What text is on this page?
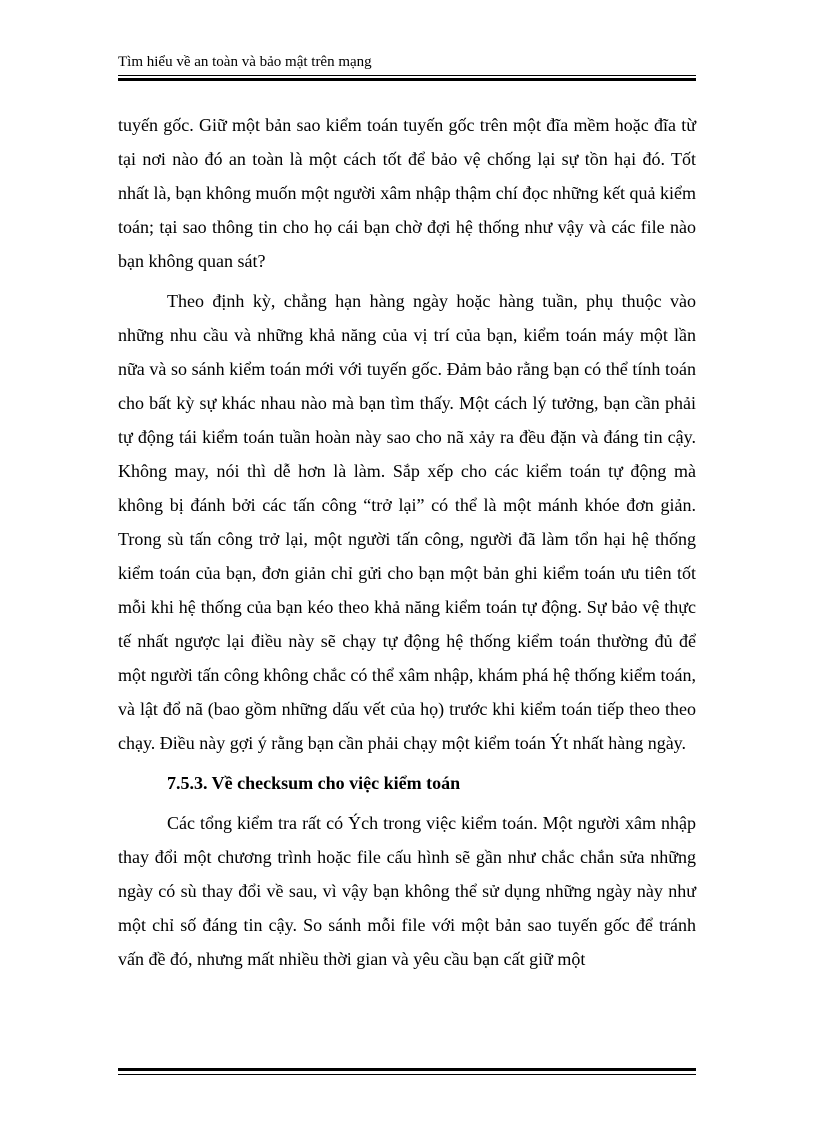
Tìm hiểu về an toàn và bảo mật trên mạng

tuyến gốc. Giữ một bản sao kiểm toán tuyến gốc trên một đĩa mềm hoặc đĩa từ tại nơi nào đó an toàn là một cách tốt để bảo vệ chống lại sự tồn hại đó. Tốt nhất là, bạn không muốn một người xâm nhập thậm chí đọc những kết quả kiểm toán; tại sao thông tin cho họ cái bạn chờ đợi hệ thống như vậy và các file nào bạn không quan sát?

Theo định kỳ, chẳng hạn hàng ngày hoặc hàng tuần, phụ thuộc vào những nhu cầu và những khả năng của vị trí của bạn, kiểm toán máy một lần nữa và so sánh kiểm toán mới với tuyến gốc. Đảm bảo rằng bạn có thể tính toán cho bất kỳ sự khác nhau nào mà bạn tìm thấy. Một cách lý tưởng, bạn cần phải tự động tái kiểm toán tuần hoàn này sao cho nã xảy ra đều đặn và đáng tin cậy. Không may, nói thì dễ hơn là làm. Sắp xếp cho các kiểm toán tự động mà không bị đánh bởi các tấn công “trở lại” có thể là một mánh khóe đơn giản. Trong sù tấn công trở lại, một người tấn công, người đã làm tổn hại hệ thống kiểm toán của bạn, đơn giản chỉ gửi cho bạn một bản ghi kiểm toán ưu tiên tốt mỗi khi hệ thống của bạn kéo theo khả năng kiểm toán tự động. Sự bảo vệ thực tế nhất ngược lại điều này sẽ chạy tự động hệ thống kiểm toán thường đủ để một người tấn công không chắc có thể xâm nhập, khám phá hệ thống kiểm toán, và lật đổ nã (bao gồm những dấu vết của họ) trước khi kiểm toán tiếp theo theo chạy. Điều này gợi ý rằng bạn cần phải chạy một kiểm toán Ýt nhất hàng ngày.

7.5.3. Về checksum cho việc kiểm toán

Các tổng kiểm tra rất có Ých trong việc kiểm toán. Một người xâm nhập thay đổi một chương trình hoặc file cấu hình sẽ gần như chắc chắn sửa những ngày có sù thay đổi về sau, vì vậy bạn không thể sử dụng những ngày này như một chỉ số đáng tin cậy. So sánh mỗi file với một bản sao tuyến gốc để tránh vấn đề đó, nhưng mất nhiều thời gian và yêu cầu bạn cất giữ một
